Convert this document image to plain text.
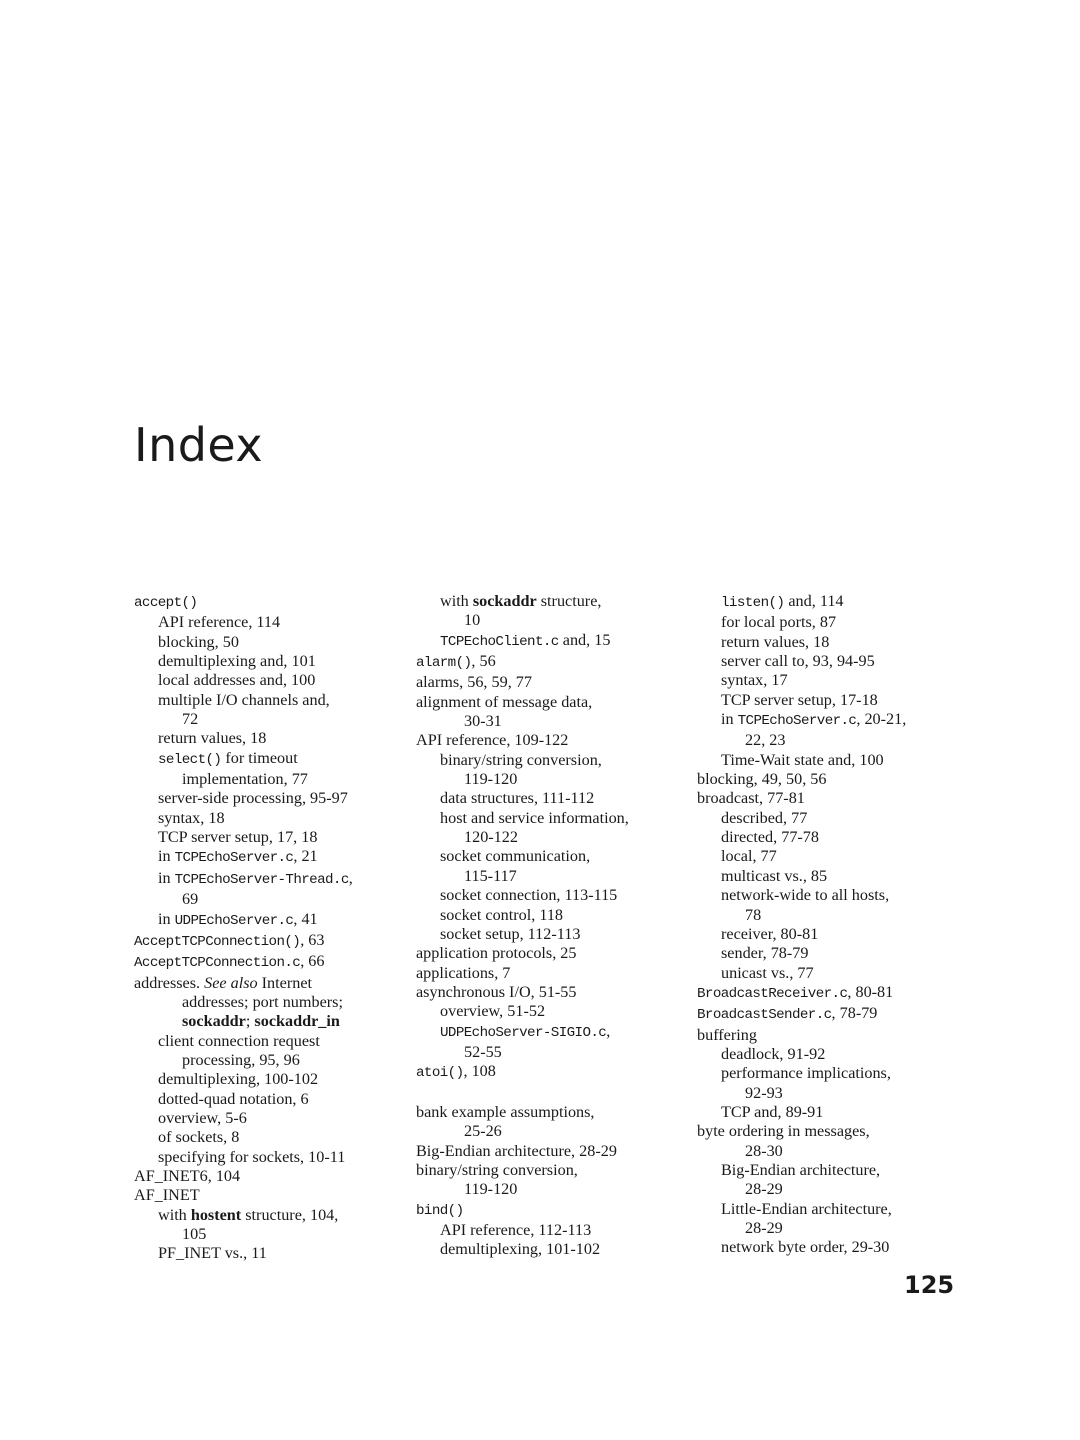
Index
accept()
API reference, 114
blocking, 50
demultiplexing and, 101
local addresses and, 100
multiple I/O channels and,
72
return values, 18
select() for timeout
implementation, 77
server-side processing, 95-97
syntax, 18
TCP server setup, 17, 18
in TCPEchoServer.c, 21
in TCPEchoServer-Thread.c,
69
in UDPEchoServer.c, 41
AcceptTCPConnection(), 63
AcceptTCPConnection.c, 66
addresses. See also Internet
addresses; port numbers;
sockaddr; sockaddr_in
client connection request
processing, 95, 96
demultiplexing, 100-102
dotted-quad notation, 6
overview, 5-6
of sockets, 8
specifying for sockets, 10-11
AF_INET6, 104
AF_INET
with hostent structure, 104,
105
PF_INET vs., 11
with sockaddr structure,
10
TCPEchoClient.c and, 15
alarm(), 56
alarms, 56, 59, 77
alignment of message data,
30-31
API reference, 109-122
binary/string conversion,
119-120
data structures, 111-112
host and service information,
120-122
socket communication,
115-117
socket connection, 113-115
socket control, 118
socket setup, 112-113
application protocols, 25
applications, 7
asynchronous I/O, 51-55
overview, 51-52
UDPEchoServer-SIGIO.c,
52-55
atoi(), 108
bank example assumptions,
25-26
Big-Endian architecture, 28-29
binary/string conversion,
119-120
bind()
API reference, 112-113
demultiplexing, 101-102
listen() and, 114
for local ports, 87
return values, 18
server call to, 93, 94-95
syntax, 17
TCP server setup, 17-18
in TCPEchoServer.c, 20-21,
22, 23
Time-Wait state and, 100
blocking, 49, 50, 56
broadcast, 77-81
described, 77
directed, 77-78
local, 77
multicast vs., 85
network-wide to all hosts,
78
receiver, 80-81
sender, 78-79
unicast vs., 77
BroadcastReceiver.c, 80-81
BroadcastSender.c, 78-79
buffering
deadlock, 91-92
performance implications,
92-93
TCP and, 89-91
byte ordering in messages,
28-30
Big-Endian architecture,
28-29
Little-Endian architecture,
28-29
network byte order, 29-30
125
